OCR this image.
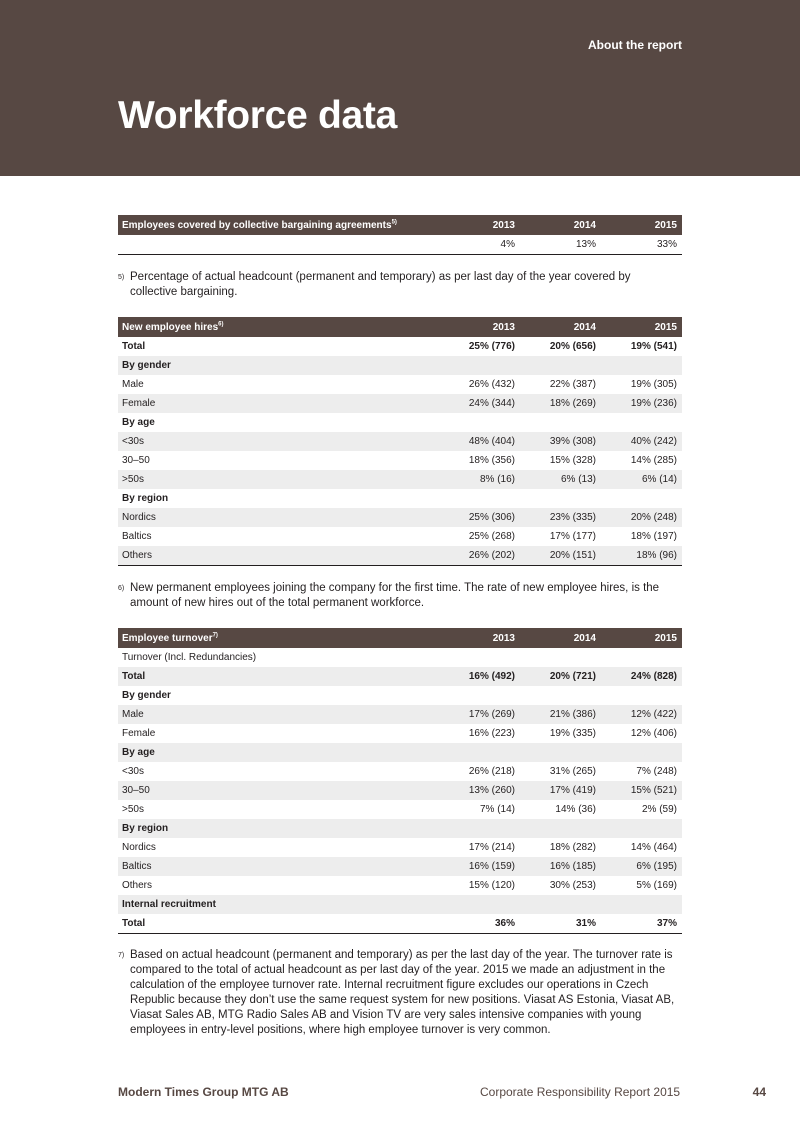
About the report
Workforce data
Employees covered by collective bargaining agreements$^{5)}$	2013	2014	2015
	4%	13%	33%
5) Percentage of actual headcount (permanent and temporary) as per last day of the year covered by collective bargaining.
New employee hires$^{6)}$	2013	2014	2015
Total	25% (776)	20% (656)	19% (541)
By gender			
Male	26% (432)	22% (387)	19% (305)
Female	24% (344)	18% (269)	19% (236)
By age			
<30s	48% (404)	39% (308)	40% (242)
30–50	18% (356)	15% (328)	14% (285)
>50s	8% (16)	6% (13)	6% (14)
By region			
Nordics	25% (306)	23% (335)	20% (248)
Baltics	25% (268)	17% (177)	18% (197)
Others	26% (202)	20% (151)	18% (96)
6) New permanent employees joining the company for the first time. The rate of new employee hires, is the amount of new hires out of the total permanent workforce.
Employee turnover$^{7)}$	2013	2014	2015
Turnover (Incl. Redundancies)			
Total	16% (492)	20% (721)	24% (828)
By gender			
Male	17% (269)	21% (386)	12% (422)
Female	16% (223)	19% (335)	12% (406)
By age			
<30s	26% (218)	31% (265)	7% (248)
30–50	13% (260)	17% (419)	15% (521)
>50s	7% (14)	14% (36)	2% (59)
By region			
Nordics	17% (214)	18% (282)	14% (464)
Baltics	16% (159)	16% (185)	6% (195)
Others	15% (120)	30% (253)	5% (169)
Internal recruitment			
Total	36%	31%	37%
7) Based on actual headcount (permanent and temporary) as per the last day of the year. The turnover rate is compared to the total of actual headcount as per last day of the year. 2015 we made an adjustment in the calculation of the employee turnover rate. Internal recruitment figure excludes our operations in Czech Republic because they don’t use the same request system for new positions. Viasat AS Estonia, Viasat AB, Viasat Sales AB, MTG Radio Sales AB and Vision TV are very sales intensive companies with young employees in entry-level positions, where high employee turnover is very common.
Modern Times Group MTG AB	Corporate Responsibility Report 2015	44
